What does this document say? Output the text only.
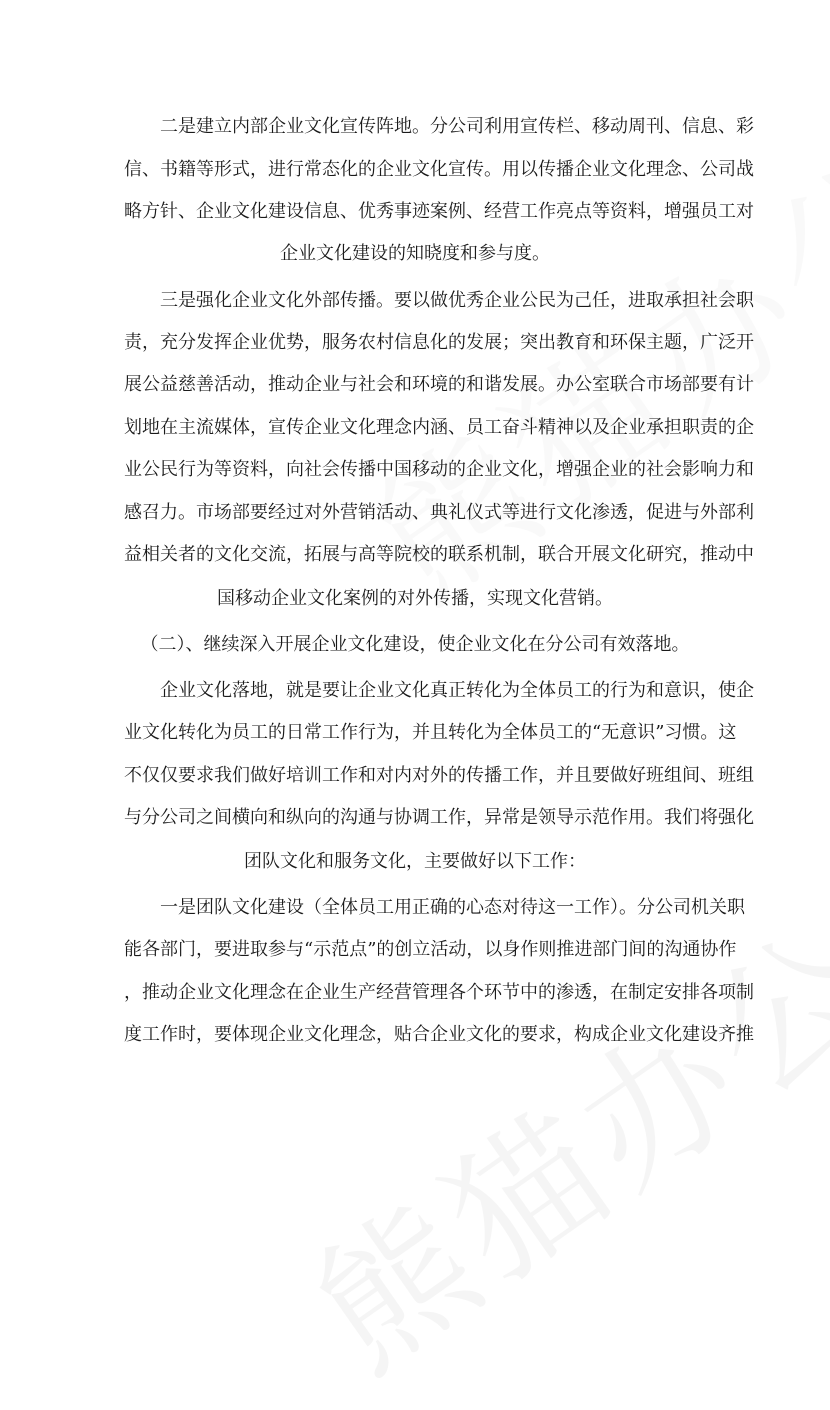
二是建立内部企业文化宣传阵地。分公司利用宣传栏、移动周刊、信息、彩

信、书籍等形式，进行常态化的企业文化宣传。用以传播企业文化理念、公司战

略方针、企业文化建设信息、优秀事迹案例、经营工作亮点等资料，增强员工对

企业文化建设的知晓度和参与度。

三是强化企业文化外部传播。要以做优秀企业公民为己任，进取承担社会职

责，充分发挥企业优势，服务农村信息化的发展；突出教育和环保主题，广泛开

展公益慈善活动，推动企业与社会和环境的和谐发展。办公室联合市场部要有计

划地在主流媒体，宣传企业文化理念内涵、员工奋斗精神以及企业承担职责的企

业公民行为等资料，向社会传播中国移动的企业文化，增强企业的社会影响力和

感召力。市场部要经过对外营销活动、典礼仪式等进行文化渗透，促进与外部利

益相关者的文化交流，拓展与高等院校的联系机制，联合开展文化研究，推动中

国移动企业文化案例的对外传播，实现文化营销。

（二）、继续深入开展企业文化建设，使企业文化在分公司有效落地。

企业文化落地，就是要让企业文化真正转化为全体员工的行为和意识，使企

业文化转化为员工的日常工作行为，并且转化为全体员工的“无意识”习惯。这

不仅仅要求我们做好培训工作和对内对外的传播工作，并且要做好班组间、班组

与分公司之间横向和纵向的沟通与协调工作，异常是领导示范作用。我们将强化

团队文化和服务文化，主要做好以下工作：

一是团队文化建设（全体员工用正确的心态对待这一工作）。分公司机关职

能各部门，要进取参与“示范点”的创立活动，以身作则推进部门间的沟通协作

，推动企业文化理念在企业生产经营管理各个环节中的渗透，在制定安排各项制

度工作时，要体现企业文化理念，贴合企业文化的要求，构成企业文化建设齐推
